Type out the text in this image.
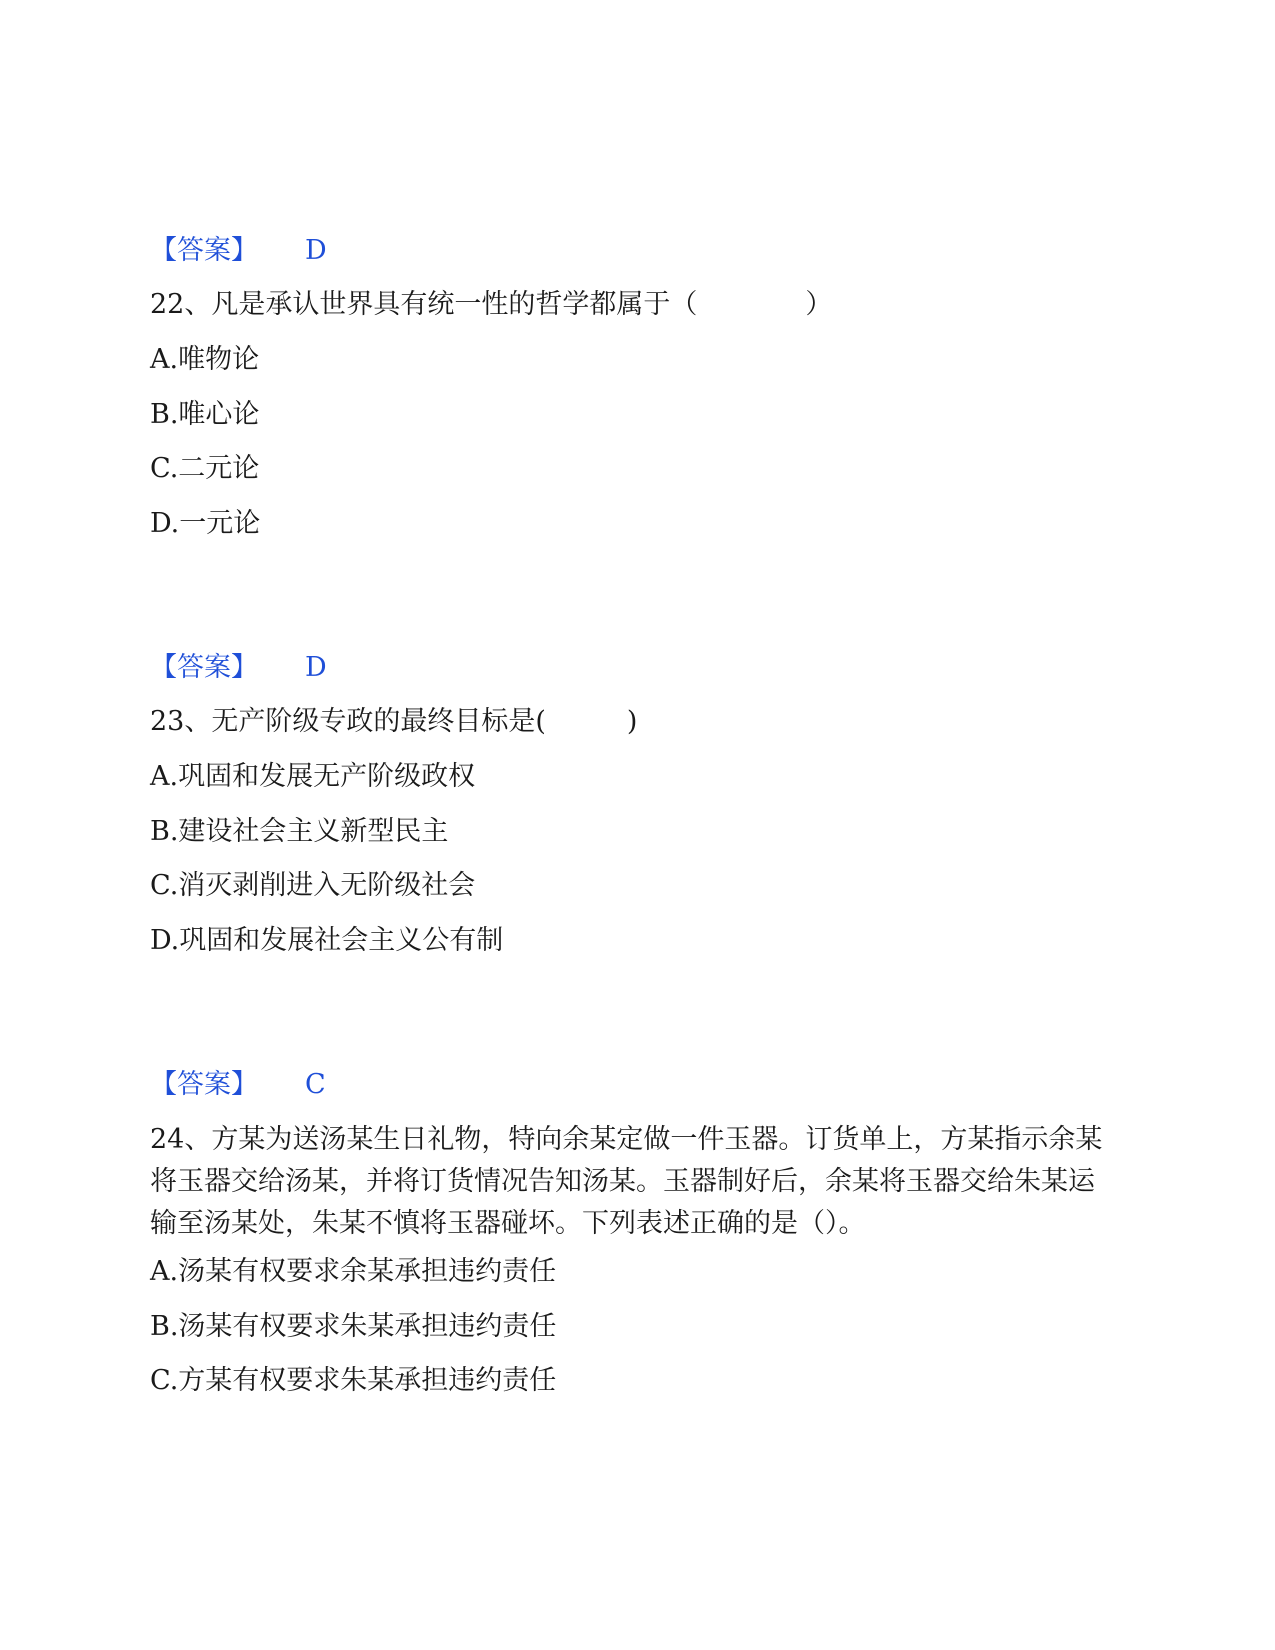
【答案】 D
22、凡是承认世界具有统一性的哲学都属于（　　　　）
A.唯物论
B.唯心论
C.二元论
D.一元论
【答案】 D
23、无产阶级专政的最终目标是(　　　)
A.巩固和发展无产阶级政权
B.建设社会主义新型民主
C.消灭剥削进入无阶级社会
D.巩固和发展社会主义公有制
【答案】 C
24、方某为送汤某生日礼物，特向余某定做一件玉器。订货单上，方某指示余某将玉器交给汤某，并将订货情况告知汤某。玉器制好后，余某将玉器交给朱某运输至汤某处，朱某不慎将玉器碰坏。下列表述正确的是（）。
A.汤某有权要求余某承担违约责任
B.汤某有权要求朱某承担违约责任
C.方某有权要求朱某承担违约责任
